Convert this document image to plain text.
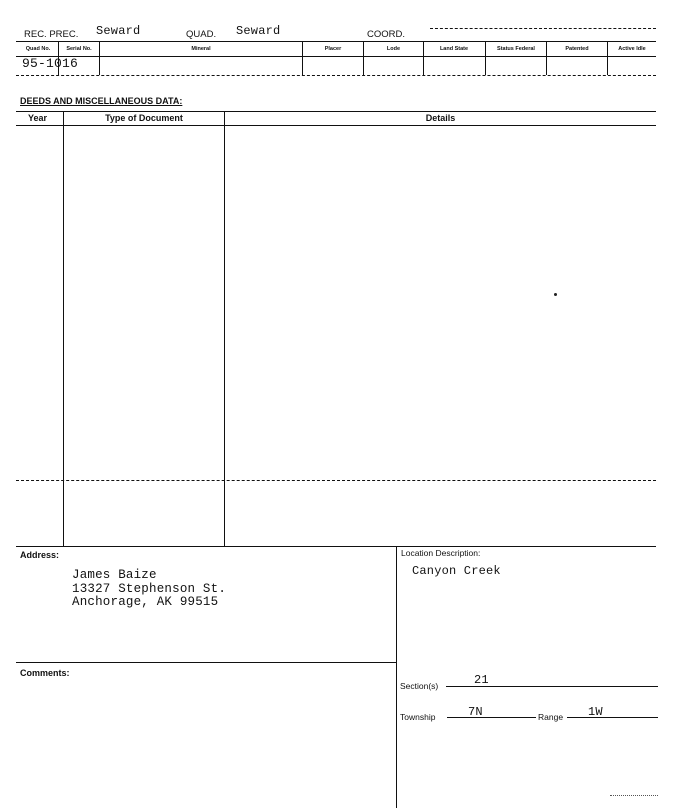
REC. PREC. Seward	QUAD. Seward	COORD.
Quad No.	Serial No.	Mineral	Placer	Lode	Land State	Status Federal	Patented	Active Idle
95-1016
DEEDS AND MISCELLANEOUS DATA:
Year	Type of Document	Details
Address:
James Baize
13327 Stephenson St.
Anchorage, AK 99515
Location Description:
Canyon Creek
Comments:
Section(s)	21
Township	7N	Range 1W
